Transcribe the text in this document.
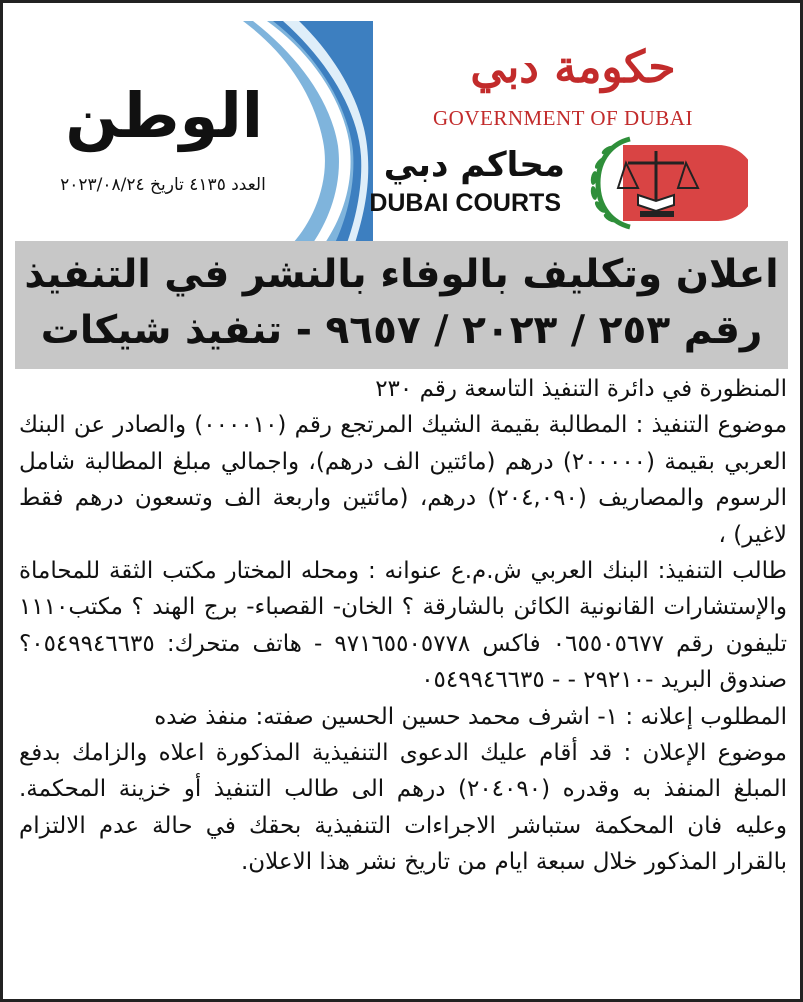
الوطن
العدد ٤١٣٥ تاريخ ٢٠٢٣/٠٨/٢٤
حكومة دبي
GOVERNMENT OF DUBAI
محاكم دبي
DUBAI COURTS
اعلان وتكليف بالوفاء بالنشر في التنفيذ
رقم ٢٥٣ / ٢٠٢٣ / ٩٦٥٧ - تنفيذ شيكات

المنظورة في دائرة التنفيذ التاسعة رقم ٢٣٠

موضوع التنفيذ : المطالبة بقيمة الشيك المرتجع رقم (٠٠٠٠١٠) والصادر عن البنك العربي بقيمة (٢٠٠٠٠٠) درهم (مائتين الف درهم)، واجمالي مبلغ المطالبة شامل الرسوم والمصاريف (٢٠٤,٠٩٠) درهم، (مائتين واربعة الف وتسعون درهم فقط لاغير) ،

طالب التنفيذ: البنك العربي ش.م.ع عنوانه : ومحله المختار مكتب الثقة للمحاماة والإستشارات القانونية الكائن بالشارقة ؟ الخان- القصباء- برج الهند ؟ مكتب١١١٠ تليفون رقم ٠٦٥٥٠٥٦٧٧ فاكس ٩٧١٦٥٥٠٥٧٧٨ - هاتف متحرك: ٠٥٤٩٩٤٦٦٣٥؟صندوق البريد -٢٩٢١٠ - - ٠٥٤٩٩٤٦٦٣٥

المطلوب إعلانه : ١- اشرف محمد حسين الحسين صفته: منفذ ضده

موضوع الإعلان : قد أقام عليك الدعوى التنفيذية المذكورة اعلاه والزامك بدفع المبلغ المنفذ به وقدره (٢٠٤٠٩٠) درهم الى طالب التنفيذ أو خزينة المحكمة. وعليه فان المحكمة ستباشر الاجراءات التنفيذية بحقك في حالة عدم الالتزام بالقرار المذكور خلال سبعة ايام من تاريخ نشر هذا الاعلان.
